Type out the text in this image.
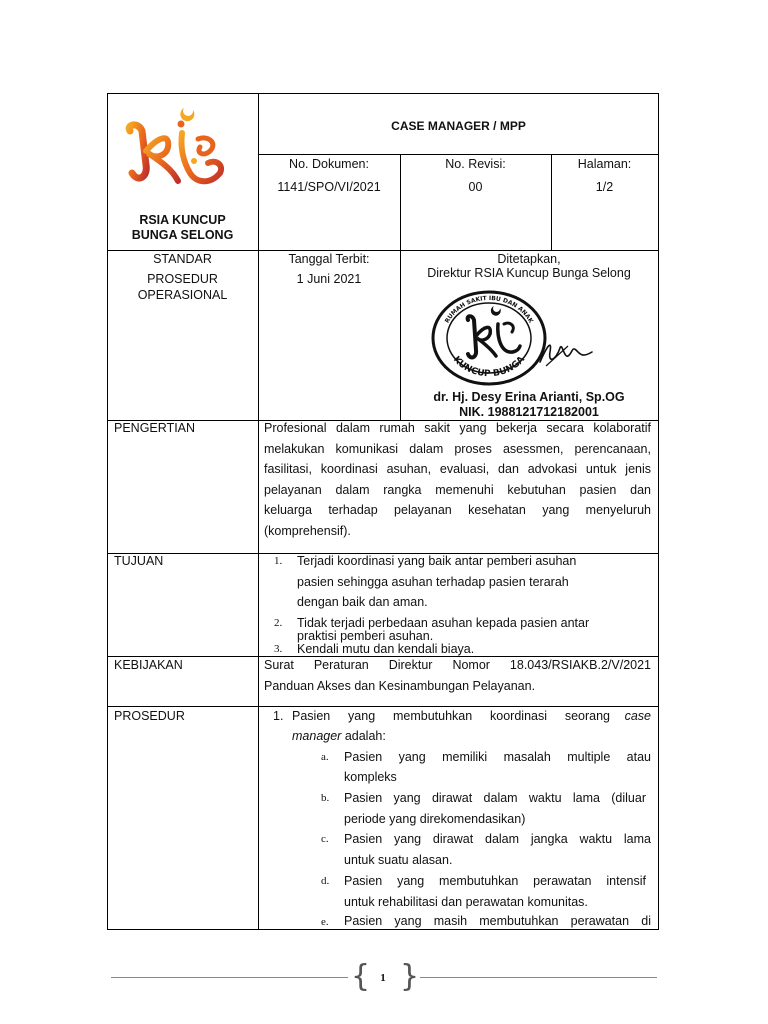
RSIA KUNCUP
BUNGA SELONG
CASE MANAGER / MPP
No. Dokumen:
1141/SPO/VI/2021
No. Revisi:
00
Halaman:
1/2
STANDAR
PROSEDUR
OPERASIONAL
Tanggal Terbit:
1 Juni 2021
Ditetapkan,
Direktur RSIA Kuncup Bunga Selong
RUMAH SAKIT IBU DAN ANAK
KUNCUP BUNGA
dr. Hj. Desy Erina Arianti, Sp.OG
NIK. 1988121712182001
PENGERTIAN	Profesional dalam rumah sakit yang bekerja secara kolaboratif
melakukan komunikasi dalam proses asessmen, perencanaan,
fasilitasi, koordinasi asuhan, evaluasi, dan advokasi untuk jenis
pelayanan dalam rangka memenuhi kebutuhan pasien dan
keluarga terhadap pelayanan kesehatan yang menyeluruh
(komprehensif).
TUJUAN	1. Terjadi koordinasi yang baik antar pemberi asuhan
pasien sehingga asuhan terhadap pasien terarah
dengan baik dan aman.
2. Tidak terjadi perbedaan asuhan kepada pasien antar
praktisi pemberi asuhan.
3. Kendali mutu dan kendali biaya.
KEBIJAKAN	Surat Peraturan Direktur Nomor 18.043/RSIAKB.2/V/2021
Panduan Akses dan Kesinambungan Pelayanan.
PROSEDUR	1. Pasien yang membutuhkan koordinasi seorang case
manager adalah:
a. Pasien yang memiliki masalah multiple atau
kompleks
b. Pasien yang dirawat dalam waktu lama (diluar
periode yang direkomendasikan)
c. Pasien yang dirawat dalam jangka waktu lama
untuk suatu alasan.
d. Pasien yang membutuhkan perawatan intensif
untuk rehabilitasi dan perawatan komunitas.
e. Pasien yang masih membutuhkan perawatan di
{ }
1
